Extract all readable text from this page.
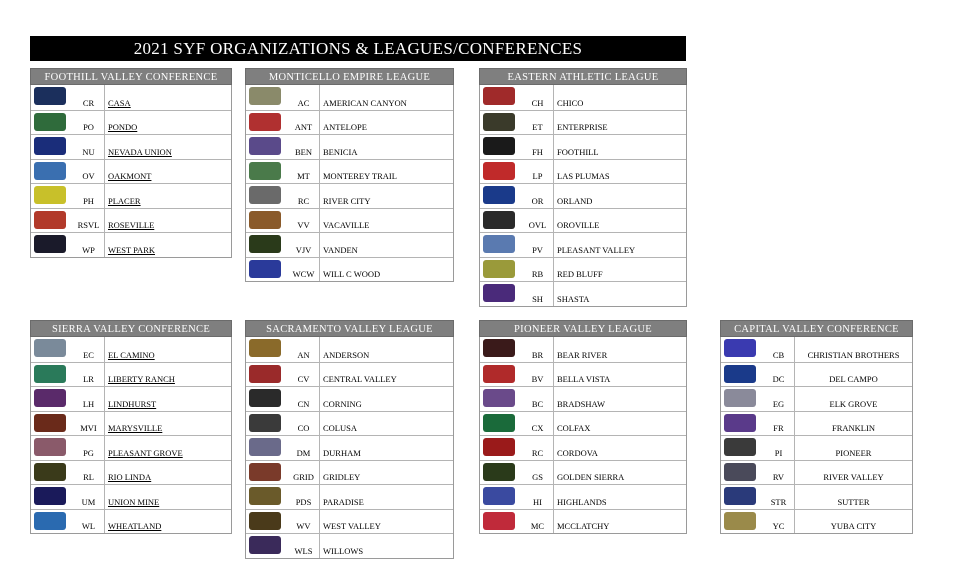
2021 SYF ORGANIZATIONS & LEAGUES/CONFERENCES
FOOTHILL VALLEY CONFERENCE
CR	CASA
PO	PONDO
NU	NEVADA UNION
OV	OAKMONT
PH	PLACER
RSVL	ROSEVILLE
WP	WEST PARK
MONTICELLO EMPIRE LEAGUE
AC	AMERICAN CANYON
ANT	ANTELOPE
BEN	BENICIA
MT	MONTEREY TRAIL
RC	RIVER CITY
VV	VACAVILLE
VJV	VANDEN
WCW	WILL C WOOD
EASTERN ATHLETIC LEAGUE
CH	CHICO
ET	ENTERPRISE
FH	FOOTHILL
LP	LAS PLUMAS
OR	ORLAND
OVL	OROVILLE
PV	PLEASANT VALLEY
RB	RED BLUFF
SH	SHASTA
SIERRA VALLEY CONFERENCE
EC	EL CAMINO
LR	LIBERTY RANCH
LH	LINDHURST
MVI	MARYSVILLE
PG	PLEASANT GROVE
RL	RIO LINDA
UM	UNION MINE
WL	WHEATLAND
SACRAMENTO VALLEY LEAGUE
AN	ANDERSON
CV	CENTRAL VALLEY
CN	CORNING
CO	COLUSA
DM	DURHAM
GRID	GRIDLEY
PDS	PARADISE
WV	WEST VALLEY
WLS	WILLOWS
PIONEER VALLEY LEAGUE
BR	BEAR RIVER
BV	BELLA VISTA
BC	BRADSHAW
CX	COLFAX
RC	CORDOVA
GS	GOLDEN SIERRA
HI	HIGHLANDS
MC	MCCLATCHY
CAPITAL VALLEY CONFERENCE
CB	CHRISTIAN BROTHERS
DC	DEL CAMPO
EG	ELK GROVE
FR	FRANKLIN
PI	PIONEER
RV	RIVER VALLEY
STR	SUTTER
YC	YUBA CITY
